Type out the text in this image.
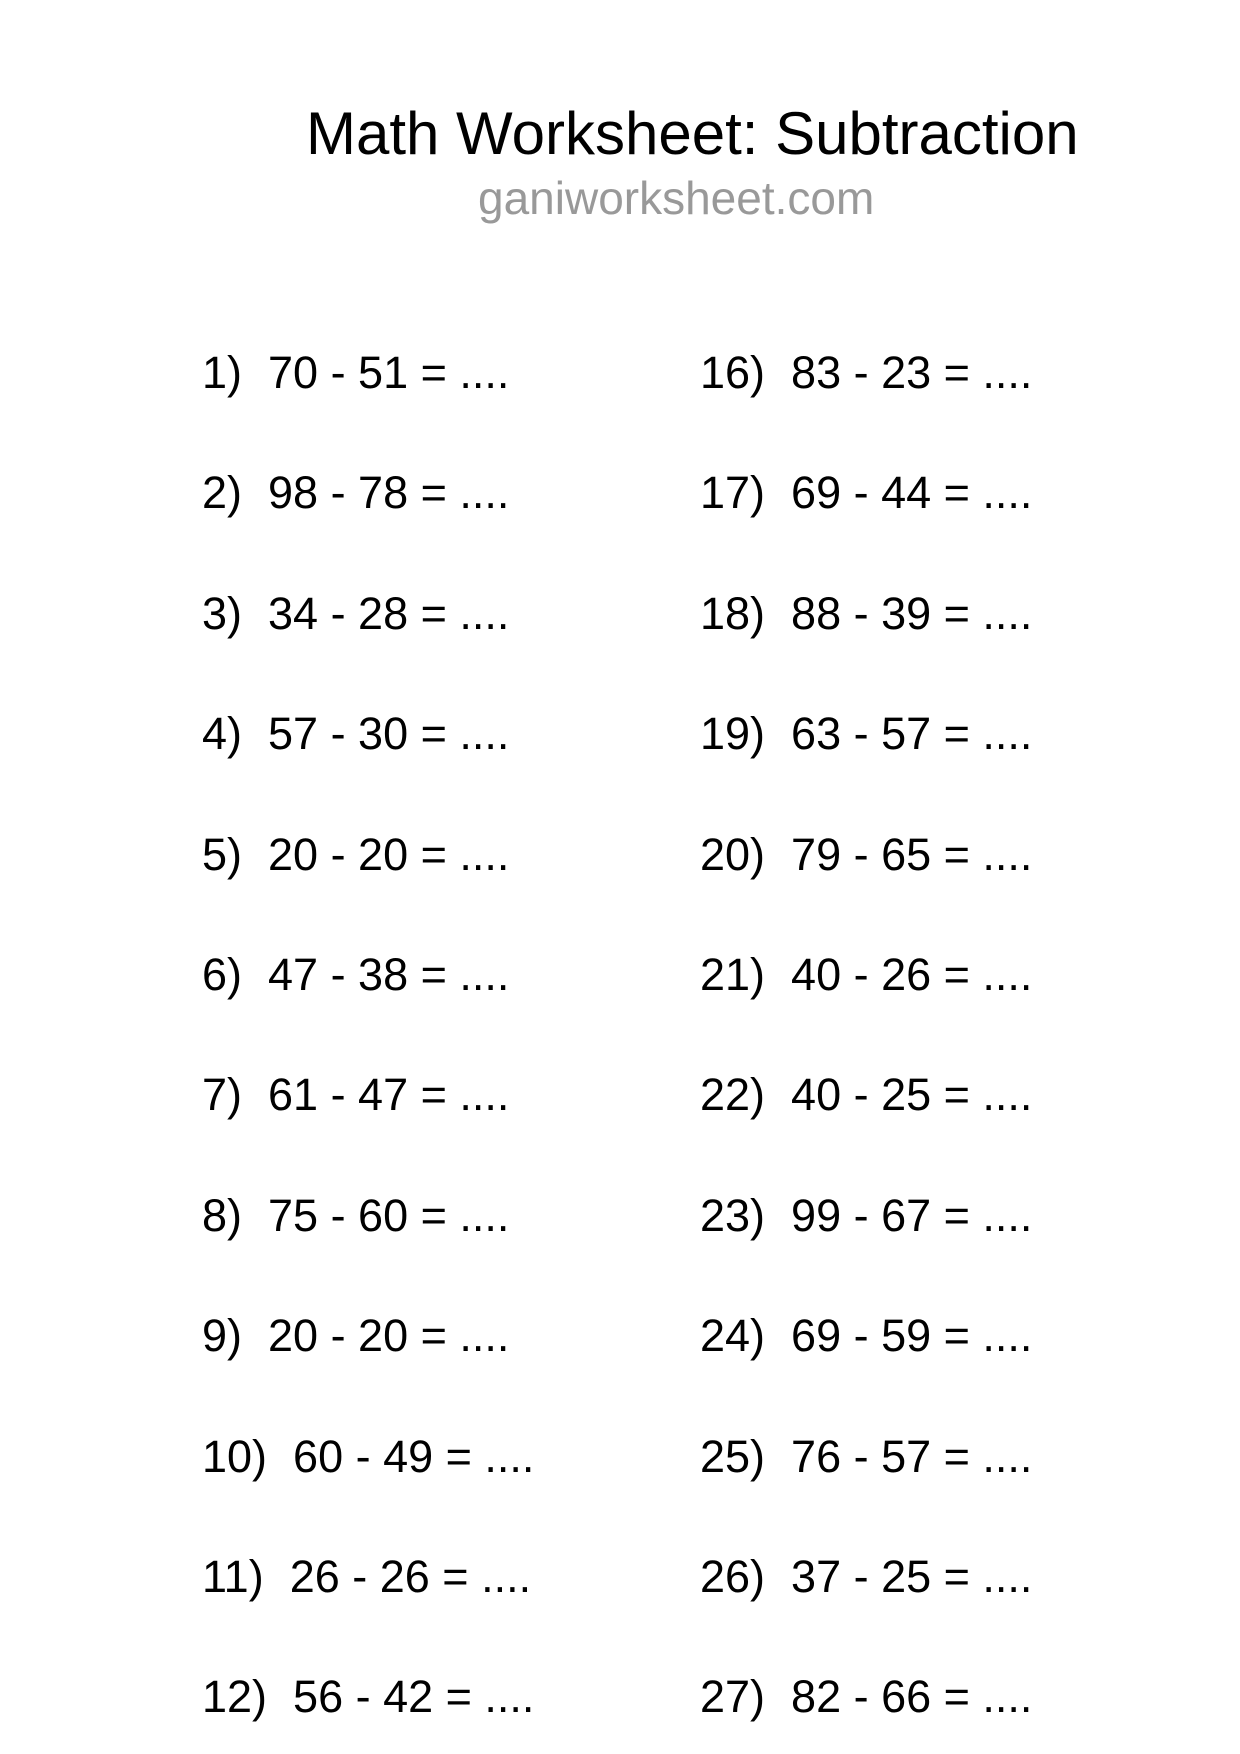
Math Worksheet: Subtraction
ganiworksheet.com
1) 70 - 51 = ....
2) 98 - 78 = ....
3) 34 - 28 = ....
4) 57 - 30 = ....
5) 20 - 20 = ....
6) 47 - 38 = ....
7) 61 - 47 = ....
8) 75 - 60 = ....
9) 20 - 20 = ....
10) 60 - 49 = ....
11) 26 - 26 = ....
12) 56 - 42 = ....
16) 83 - 23 = ....
17) 69 - 44 = ....
18) 88 - 39 = ....
19) 63 - 57 = ....
20) 79 - 65 = ....
21) 40 - 26 = ....
22) 40 - 25 = ....
23) 99 - 67 = ....
24) 69 - 59 = ....
25) 76 - 57 = ....
26) 37 - 25 = ....
27) 82 - 66 = ....
